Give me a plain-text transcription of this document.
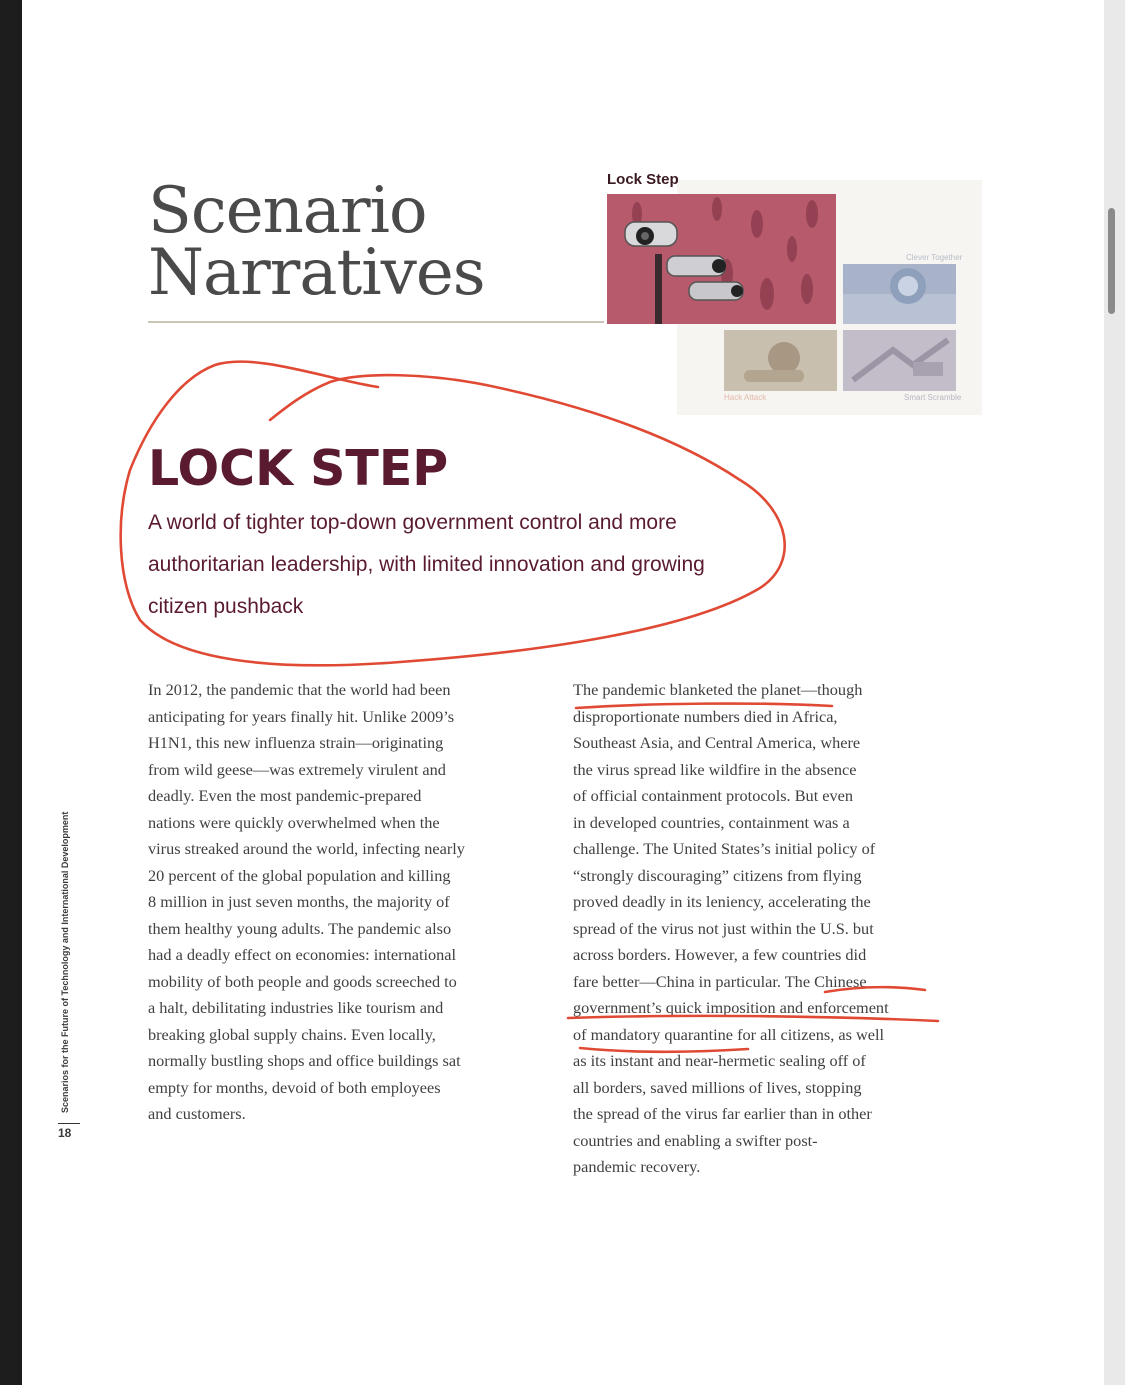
Scenario
Narratives
Lock Step
Clever Together
Hack Attack	Smart Scramble
LOCK STEP

A world of tighter top-down government control and more
authoritarian leadership, with limited innovation and growing
citizen pushback

In 2012, the pandemic that the world had been
anticipating for years finally hit. Unlike 2009’s
H1N1, this new influenza strain—originating
from wild geese—was extremely virulent and
deadly. Even the most pandemic-prepared
nations were quickly overwhelmed when the
virus streaked around the world, infecting nearly
20 percent of the global population and killing
8 million in just seven months, the majority of
them healthy young adults. The pandemic also
had a deadly effect on economies: international
mobility of both people and goods screeched to
a halt, debilitating industries like tourism and
breaking global supply chains. Even locally,
normally bustling shops and office buildings sat
empty for months, devoid of both employees
and customers.

The pandemic blanketed the planet—though
disproportionate numbers died in Africa,
Southeast Asia, and Central America, where
the virus spread like wildfire in the absence
of official containment protocols. But even
in developed countries, containment was a
challenge. The United States’s initial policy of
“strongly discouraging” citizens from flying
proved deadly in its leniency, accelerating the
spread of the virus not just within the U.S. but
across borders. However, a few countries did
fare better—China in particular. The Chinese
government’s quick imposition and enforcement
of mandatory quarantine for all citizens, as well
as its instant and near-hermetic sealing off of
all borders, saved millions of lives, stopping
the spread of the virus far earlier than in other
countries and enabling a swifter post-
pandemic recovery.

Scenarios for the Future of Technology and International Development
18
